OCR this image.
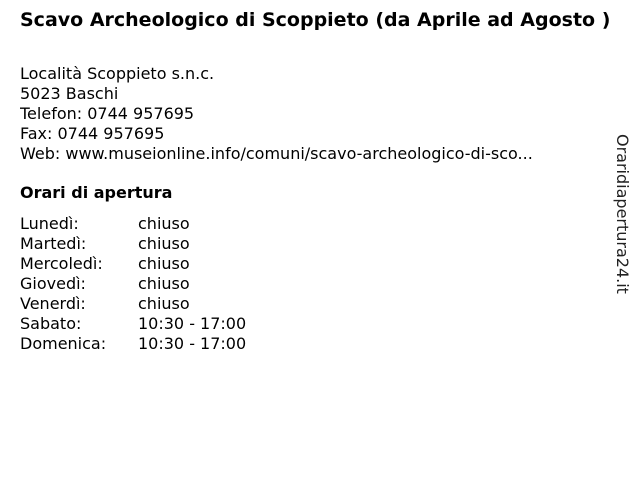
Scavo Archeologico di Scoppieto (da Aprile ad Agosto )
Località Scoppieto s.n.c.
5023 Baschi
Telefon: 0744 957695
Fax: 0744 957695
Web: www.museionline.info/comuni/scavo-archeologico-di-sco...
Orari di apertura
Lunedì:	chiuso
Martedì:	chiuso
Mercoledì:	chiuso
Giovedì:	chiuso
Venerdì:	chiuso
Sabato:	10:30 - 17:00
Domenica:	10:30 - 17:00
Oraridiapertura24.it
